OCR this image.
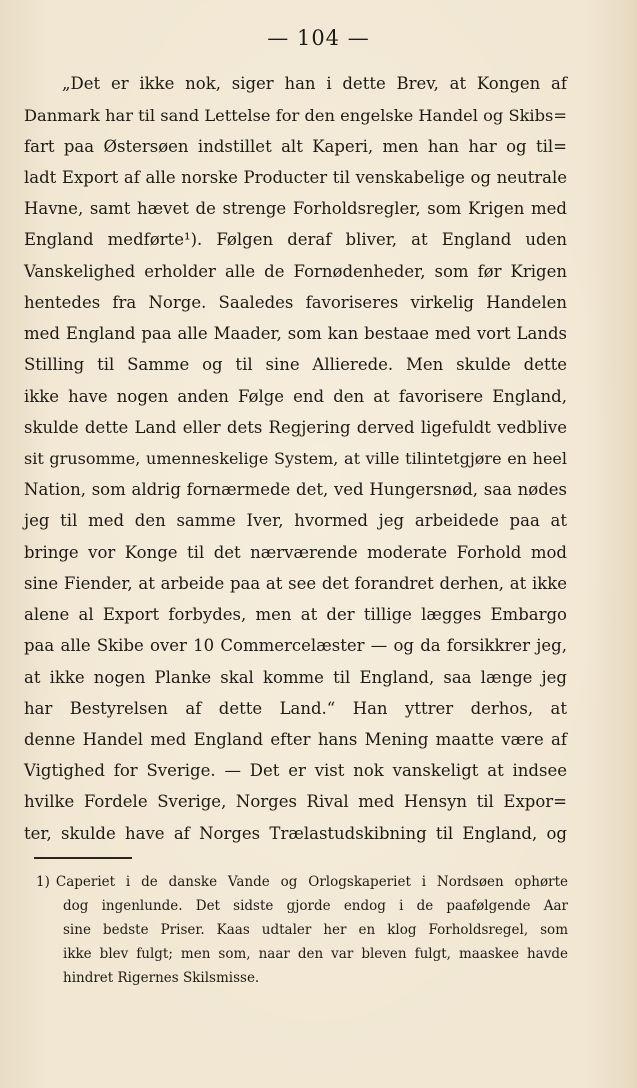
— 104 —
„Det er ikke nok, siger han i dette Brev, at Kongen af
Danmark har til sand Lettelse for den engelske Handel og Skibs=
fart paa Østersøen indstillet alt Kaperi, men han har og til=
ladt Export af alle norske Producter til venskabelige og neutrale
Havne, samt hævet de strenge Forholdsregler, som Krigen med
England medførte¹). Følgen deraf bliver, at England uden
Vanskelighed erholder alle de Fornødenheder, som før Krigen
hentedes fra Norge. Saaledes favoriseres virkelig Handelen
med England paa alle Maader, som kan bestaae med vort Lands
Stilling til Samme og til sine Allierede. Men skulde dette
ikke have nogen anden Følge end den at favorisere England,
skulde dette Land eller dets Regjering derved ligefuldt vedblive
sit grusomme, umenneskelige System, at ville tilintetgjøre en heel
Nation, som aldrig fornærmede det, ved Hungersnød, saa nødes
jeg til med den samme Iver, hvormed jeg arbeidede paa at
bringe vor Konge til det nærværende moderate Forhold mod
sine Fiender, at arbeide paa at see det forandret derhen, at ikke
alene al Export forbydes, men at der tillige lægges Embargo
paa alle Skibe over 10 Commercelæster — og da forsikkrer jeg,
at ikke nogen Planke skal komme til England, saa længe jeg
har Bestyrelsen af dette Land.“ Han yttrer derhos, at
denne Handel med England efter hans Mening maatte være af
Vigtighed for Sverige. — Det er vist nok vanskeligt at indsee
hvilke Fordele Sverige, Norges Rival med Hensyn til Expor=
ter, skulde have af Norges Trælastudskibning til England, og
1) Caperiet i de danske Vande og Orlogskaperiet i Nordsøen ophørte
dog ingenlunde. Det sidste gjorde endog i de paafølgende Aar
sine bedste Priser. Kaas udtaler her en klog Forholdsregel, som
ikke blev fulgt; men som, naar den var bleven fulgt, maaskee havde
hindret Rigernes Skilsmisse.
